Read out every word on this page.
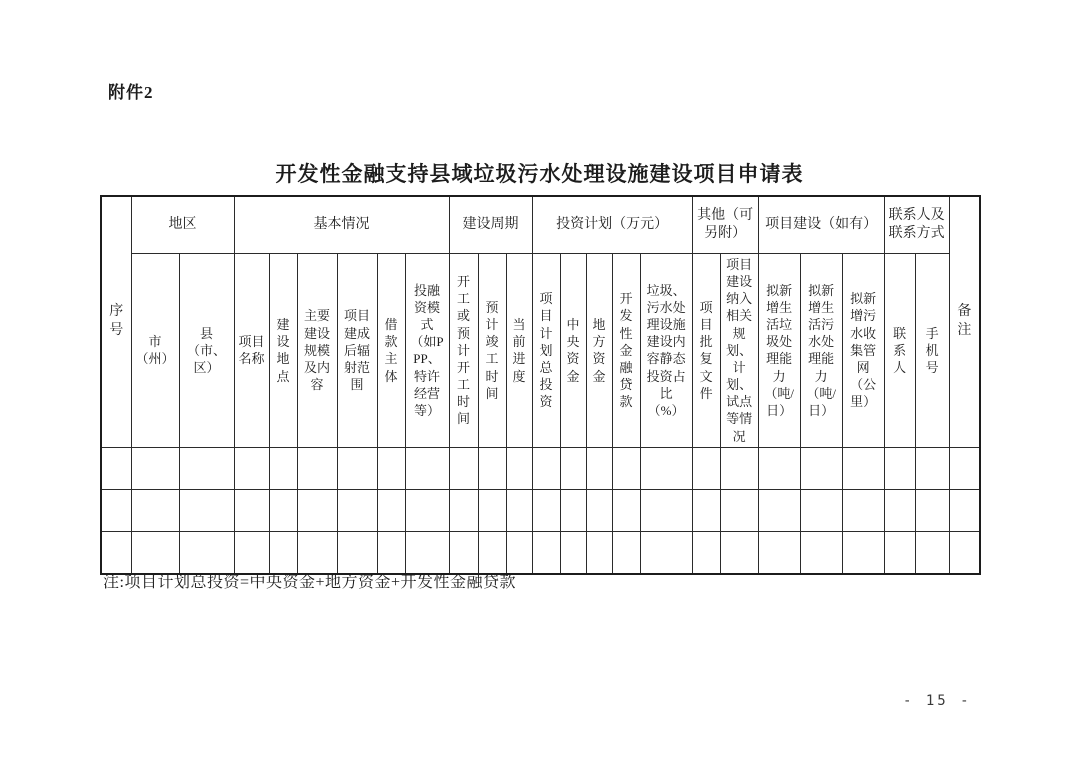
附件2
开发性金融支持县域垃圾污水处理设施建设项目申请表
序号	地区		基本情况						建设周期			投资计划（万元）					其他（可另附）		项目建设（如有）			联系人及联系方式		备注
	市（州）	县（市、区）	项目名称	建设地点	主要建设规模及内容	项目建成后辐射范围	借款主体	投融资模式（如PPP、特许经营等）	开工或预计开工时间	预计竣工时间	当前进度	项目计划总投资	中央资金	地方资金	开发性金融贷款	垃圾、污水处理设施建设内容静态投资占比（%）	项目批复文件	项目建设纳入相关规划、计划、试点等情况	拟新增生活垃圾处理能力（吨/日）	拟新增生活污水处理能力（吨/日）	拟新增污水收集管网（公里）	联系人	手机号	

注:项目计划总投资=中央资金+地方资金+开发性金融贷款
- 15 -
